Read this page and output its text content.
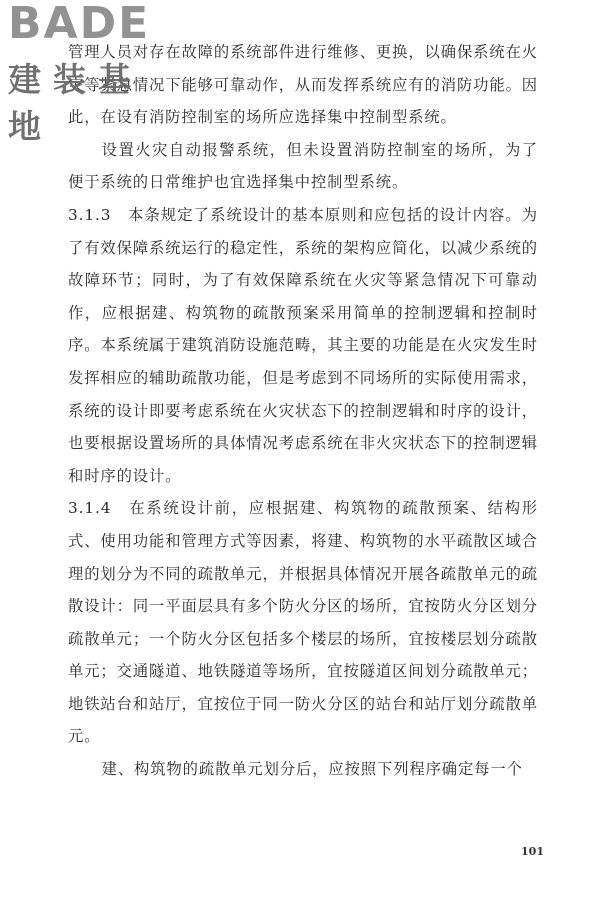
BADE
建装基地

管理人员对存在故障的系统部件进行维修、更换，以确保系统在火灾等紧急情况下能够可靠动作，从而发挥系统应有的消防功能。因此，在设有消防控制室的场所应选择集中控制型系统。

设置火灾自动报警系统，但未设置消防控制室的场所，为了便于系统的日常维护也宜选择集中控制型系统。

3.1.3　本条规定了系统设计的基本原则和应包括的设计内容。为了有效保障系统运行的稳定性，系统的架构应简化，以减少系统的故障环节；同时，为了有效保障系统在火灾等紧急情况下可靠动作，应根据建、构筑物的疏散预案采用简单的控制逻辑和控制时序。本系统属于建筑消防设施范畴，其主要的功能是在火灾发生时发挥相应的辅助疏散功能，但是考虑到不同场所的实际使用需求，系统的设计即要考虑系统在火灾状态下的控制逻辑和时序的设计，也要根据设置场所的具体情况考虑系统在非火灾状态下的控制逻辑和时序的设计。

3.1.4　在系统设计前，应根据建、构筑物的疏散预案、结构形式、使用功能和管理方式等因素，将建、构筑物的水平疏散区域合理的划分为不同的疏散单元，并根据具体情况开展各疏散单元的疏散设计：同一平面层具有多个防火分区的场所，宜按防火分区划分疏散单元；一个防火分区包括多个楼层的场所，宜按楼层划分疏散单元；交通隧道、地铁隧道等场所，宜按隧道区间划分疏散单元；地铁站台和站厅，宜按位于同一防火分区的站台和站厅划分疏散单元。

建、构筑物的疏散单元划分后，应按照下列程序确定每一个

101
